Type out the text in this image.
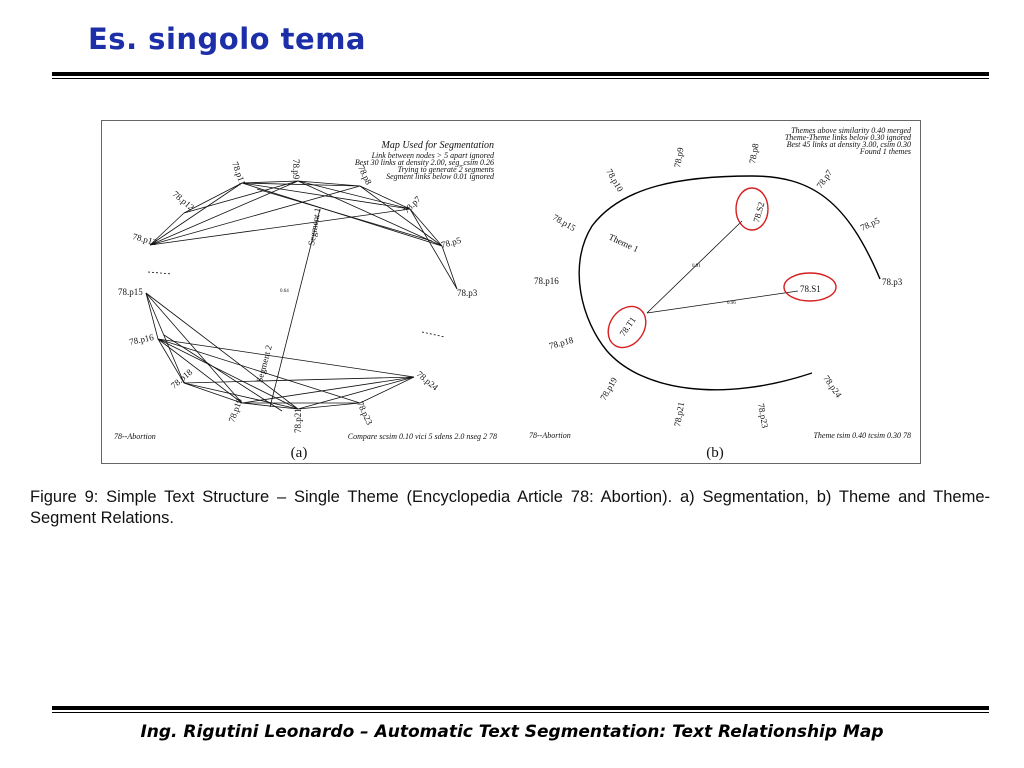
Es. singolo tema
78.p11	78.p9	78.p8
78.p7
78.p12
78.p13	78.p5
78.p3
78.p15
78.p16
78.p18
78.p19	78.p21	78.p23
78.p24
Segment 1
Segment 2
0.64
Map Used for Segmentation
Link between nodes > 5 apart ignored
Best 30 links at density 2.00, seg_csim 0.26
Trying to generate 2 segments
Segment links below 0.01 ignored
78--Abortion	Compare scsim 0.10 vici 5 sdens 2.0 nseg 2 78
(a)
78.p10
78.p9	78.p8
78.p7
78.p15	78.p5
78.S2
78.p16
78.S1
78.p3
78.T1
78.p18
78.p19
78.p21	78.p23
78.p24
Theme 1
0.91
0.96
Themes above similarity 0.40 merged
Theme-Theme links below 0.30 ignored
Best 45 links at density 3.00, csim 0.30
Found 1 themes
78--Abortion	Theme tsim 0.40 tcsim 0.30 78
(b)
Figure 9: Simple Text Structure – Single Theme (Encyclopedia Article 78: Abortion). a) Segmentation, b) Theme and Theme-Segment Relations.
Ing. Rigutini Leonardo – Automatic Text Segmentation: Text Relationship Map
